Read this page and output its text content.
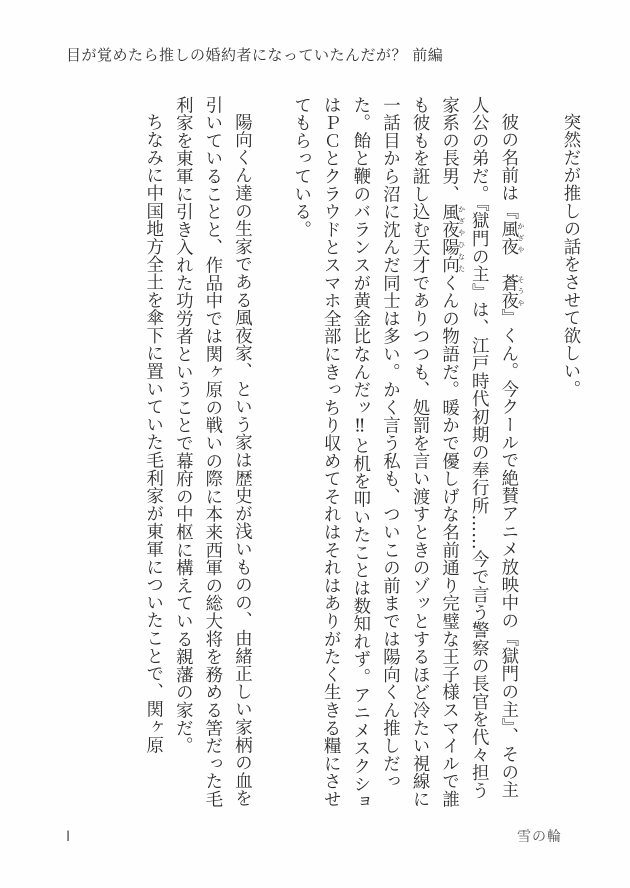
目が覚めたら推しの婚約者になっていたんだが？ 前編

突然だが推しの話をさせて欲しい。

彼の名前は『風夜 かざや　蒼夜 そうや』くん。今クールで絶賛アニメ放映中の『獄門の主』、その主人公の弟だ。『獄門の主』は、江戸時代初期の奉行所……今で言う警察の長官を代々担う家系の長男、風夜 かざや陽向 ひなたくんの物語だ。暖かで優しげな名前通り完璧な王子様スマイルで誰も彼もを誑し込む天才でありつつも、処罰を言い渡すときのゾッとするほど冷たい視線に一話目から沼に沈んだ同士は多い。かく言う私も、ついこの前までは陽向くん推しだった。飴と鞭のバランスが黄金比なんだッ‼︎と机を叩いたことは数知れず。アニメスクショはＰＣとクラウドとスマホ全部にきっちり収めてそれはそれはありがたく生きる糧にさせてもらっている。

陽向くん達の生家である風夜家、という家は歴史が浅いものの、由緒正しい家柄の血を引いていることと、作品中では関ヶ原の戦いの際に本来西軍の総大将を務める筈だった毛利家を東軍に引き入れた功労者ということで幕府の中枢に構えている親藩の家だ。

ちなみに中国地方全土を傘下に置いていた毛利家が東軍についたことで、関ヶ原

I	雪の輪
